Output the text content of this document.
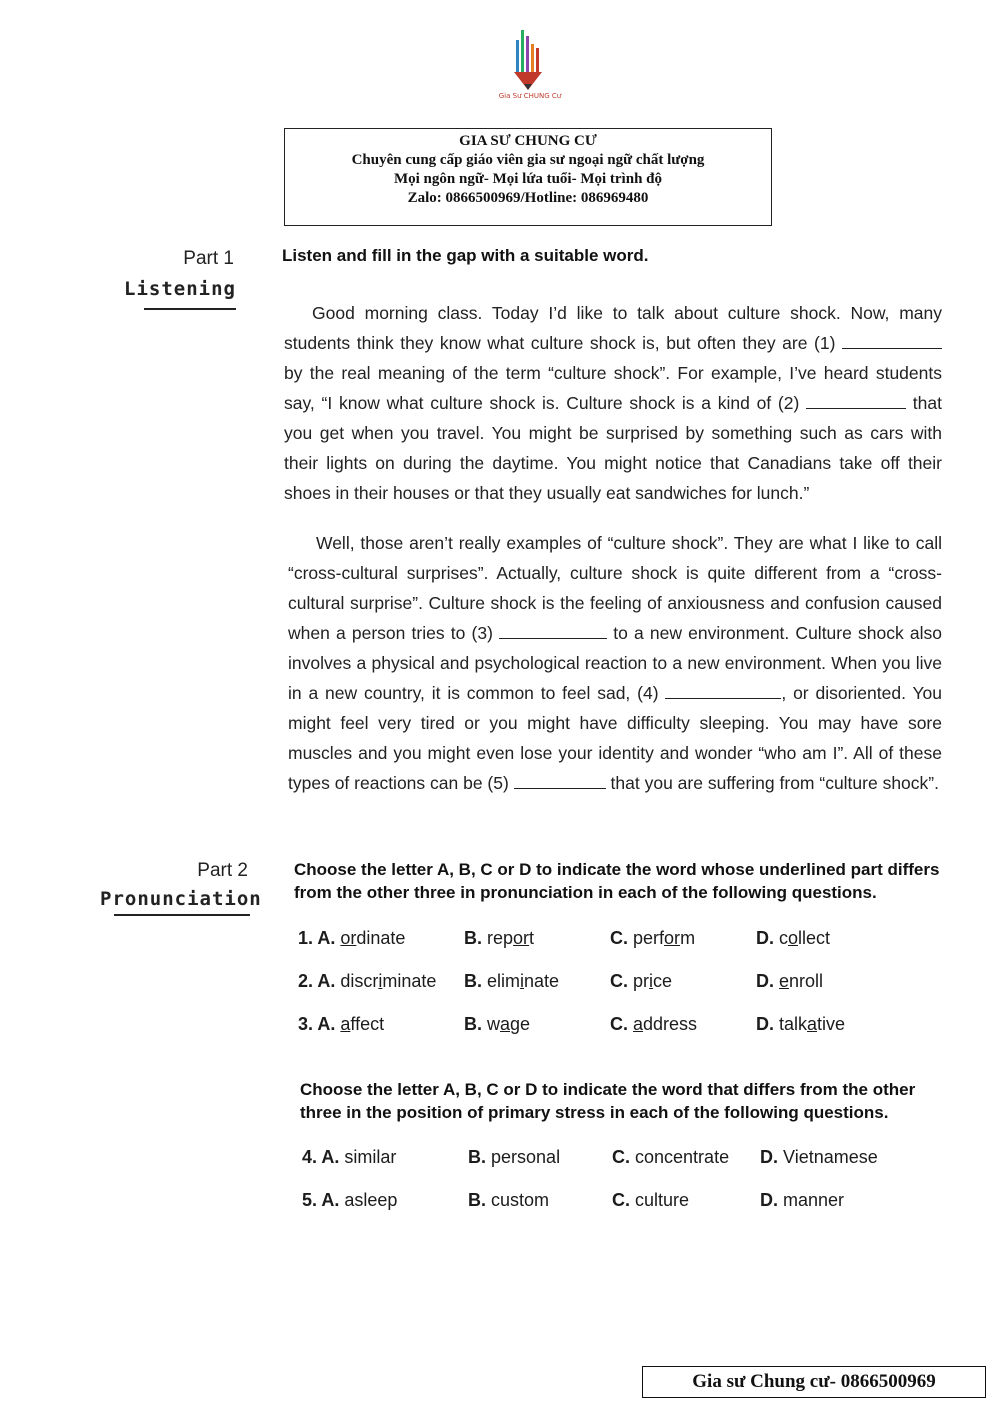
Gia Sư CHUNG Cư
GIA SƯ CHUNG CƯ
Chuyên cung cấp giáo viên gia sư ngoại ngữ chất lượng
Mọi ngôn ngữ- Mọi lứa tuổi- Mọi trình độ
Zalo: 0866500969/Hotline: 086969480
Part 1
Listening
Listen and fill in the gap with a suitable word.
Good morning class. Today I’d like to talk about culture shock. Now, many students think they know what culture shock is, but often they are (1)  by the real meaning of the term “culture shock”. For example, I’ve heard students say, “I know what culture shock is. Culture shock is a kind of (2)	that you get when you travel. You might be surprised by something such as cars with their lights on during the daytime. You might notice that Canadians take off their shoes in their houses or that they usually eat sandwiches for lunch.”
Well, those aren’t really examples of “culture shock”. They are what I like to call “cross-cultural surprises”. Actually, culture shock is quite different from a “cross-cultural surprise”. Culture shock is the feeling of anxiousness and confusion caused when a person tries to (3)	to a new environment. Culture shock also involves a physical and psychological reaction to a new environment. When you live in a new country, it is common to feel sad, (4)	, or disoriented. You might feel very tired or you might have difficulty sleeping. You may have sore muscles and you might even lose your identity and wonder “who am I”. All of these types of reactions can be (5)	that you are suffering from “culture shock”.
Part 2
Pronunciation
Choose the letter A, B, C or D to indicate the word whose underlined part differs from the other three in pronunciation in each of the following questions.
1. A. ordinate	B. report	C. perform	D. collect
2. A. discriminate B. eliminate	C. price	D. enroll
3. A. affect	B. wage	C. address	D. talkative
Choose the letter A, B, C or D to indicate the word that differs from the other three in the position of primary stress in each of the following questions.
4. A. similar	B. personal	C. concentrate D. Vietnamese
5. A. asleep	B. custom	C. culture	D. manner
Gia sư Chung cư- 0866500969
